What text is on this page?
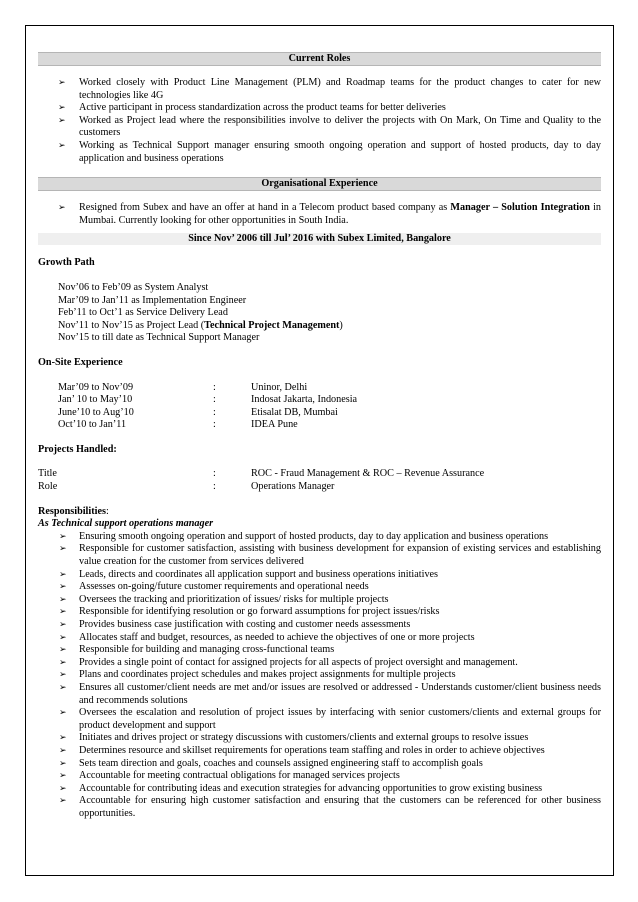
Current Roles
➢ Worked closely with Product Line Management (PLM) and Roadmap teams for the product changes to cater for new technologies like 4G
➢ Active participant in process standardization across the product teams for better deliveries
➢ Worked as Project lead where the responsibilities involve to deliver the projects with On Mark, On Time and Quality to the customers
➢ Working as Technical Support manager ensuring smooth ongoing operation and support of hosted products, day to day application and business operations
Organisational Experience
➢ Resigned from Subex and have an offer at hand in a Telecom product based company as Manager – Solution Integration in Mumbai. Currently looking for other opportunities in South India.
Since Nov’ 2006 till Jul’ 2016 with Subex Limited, Bangalore
Growth Path
Nov’06 to Feb’09 as System Analyst
Mar’09 to Jan’11 as Implementation Engineer
Feb’11 to Oct’1 as Service Delivery Lead
Nov’11 to Nov’15 as Project Lead (Technical Project Management)
Nov’15 to till date as Technical Support Manager
On-Site Experience
Mar’09 to Nov’09	:	Uninor, Delhi
Jan’ 10 to May’10	:	Indosat Jakarta, Indonesia
June’10 to Aug’10	:	Etisalat DB, Mumbai
Oct’10 to Jan’11	:	IDEA Pune
Projects Handled:
Title	:	ROC - Fraud Management & ROC – Revenue Assurance
Role	:	Operations Manager
Responsibilities:
As Technical support operations manager
➢ Ensuring smooth ongoing operation and support of hosted products, day to day application and business operations
➢ Responsible for customer satisfaction, assisting with business development for expansion of existing services and establishing value creation for the customer from services delivered
➢ Leads, directs and coordinates all application support and business operations initiatives
➢ Assesses on-going/future customer requirements and operational needs
➢ Oversees the tracking and prioritization of issues/ risks for multiple projects
➢ Responsible for identifying resolution or go forward assumptions for project issues/risks
➢ Provides business case justification with costing and customer needs assessments
➢ Allocates staff and budget, resources, as needed to achieve the objectives of one or more projects
➢ Responsible for building and managing cross-functional teams
➢ Provides a single point of contact for assigned projects for all aspects of project oversight and management.
➢ Plans and coordinates project schedules and makes project assignments for multiple projects
➢ Ensures all customer/client needs are met and/or issues are resolved or addressed - Understands customer/client business needs and recommends solutions
➢ Oversees the escalation and resolution of project issues by interfacing with senior customers/clients and external groups for product development and support
➢ Initiates and drives project or strategy discussions with customers/clients and external groups to resolve issues
➢ Determines resource and skillset requirements for operations team staffing and roles in order to achieve objectives
➢ Sets team direction and goals, coaches and counsels assigned engineering staff to accomplish goals
➢ Accountable for meeting contractual obligations for managed services projects
➢ Accountable for contributing ideas and execution strategies for advancing opportunities to grow existing business
➢ Accountable for ensuring high customer satisfaction and ensuring that the customers can be referenced for other business opportunities.
